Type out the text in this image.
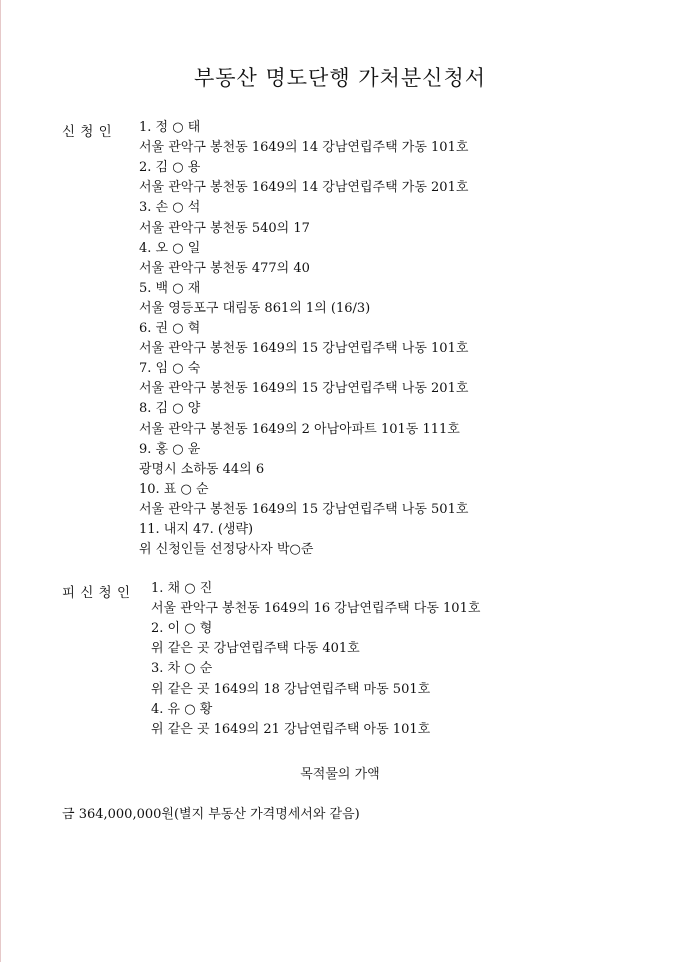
부동산 명도단행 가처분신청서
신 청 인 1. 정 ○ 태
서울 관악구 봉천동 1649의 14 강남연립주택 가동 101호
2. 김 ○ 용
서울 관악구 봉천동 1649의 14 강남연립주택 가동 201호
3. 손 ○ 석
서울 관악구 봉천동 540의 17
4. 오 ○ 일
서울 관악구 봉천동 477의 40
5. 백 ○ 재
서울 영등포구 대림동 861의 1의 (16/3)
6. 권 ○ 혁
서울 관악구 봉천동 1649의 15 강남연립주택 나동 101호
7. 임 ○ 숙
서울 관악구 봉천동 1649의 15 강남연립주택 나동 201호
8. 김 ○ 양
서울 관악구 봉천동 1649의 2 아남아파트 101동 111호
9. 홍 ○ 윤
광명시 소하동 44의 6
10. 표 ○ 순
서울 관악구 봉천동 1649의 15 강남연립주택 나동 501호
11. 내지 47. (생략)
위 신청인들 선정당사자 박○준
피 신 청 인 1. 채 ○ 진
서울 관악구 봉천동 1649의 16 강남연립주택 다동 101호
2. 이 ○ 형
위 같은 곳 강남연립주택 다동 401호
3. 차 ○ 순
위 같은 곳 1649의 18 강남연립주택 마동 501호
4. 유 ○ 황
위 같은 곳 1649의 21 강남연립주택 아동 101호
목적물의 가액
금 364,000,000원(별지 부동산 가격명세서와 같음)
